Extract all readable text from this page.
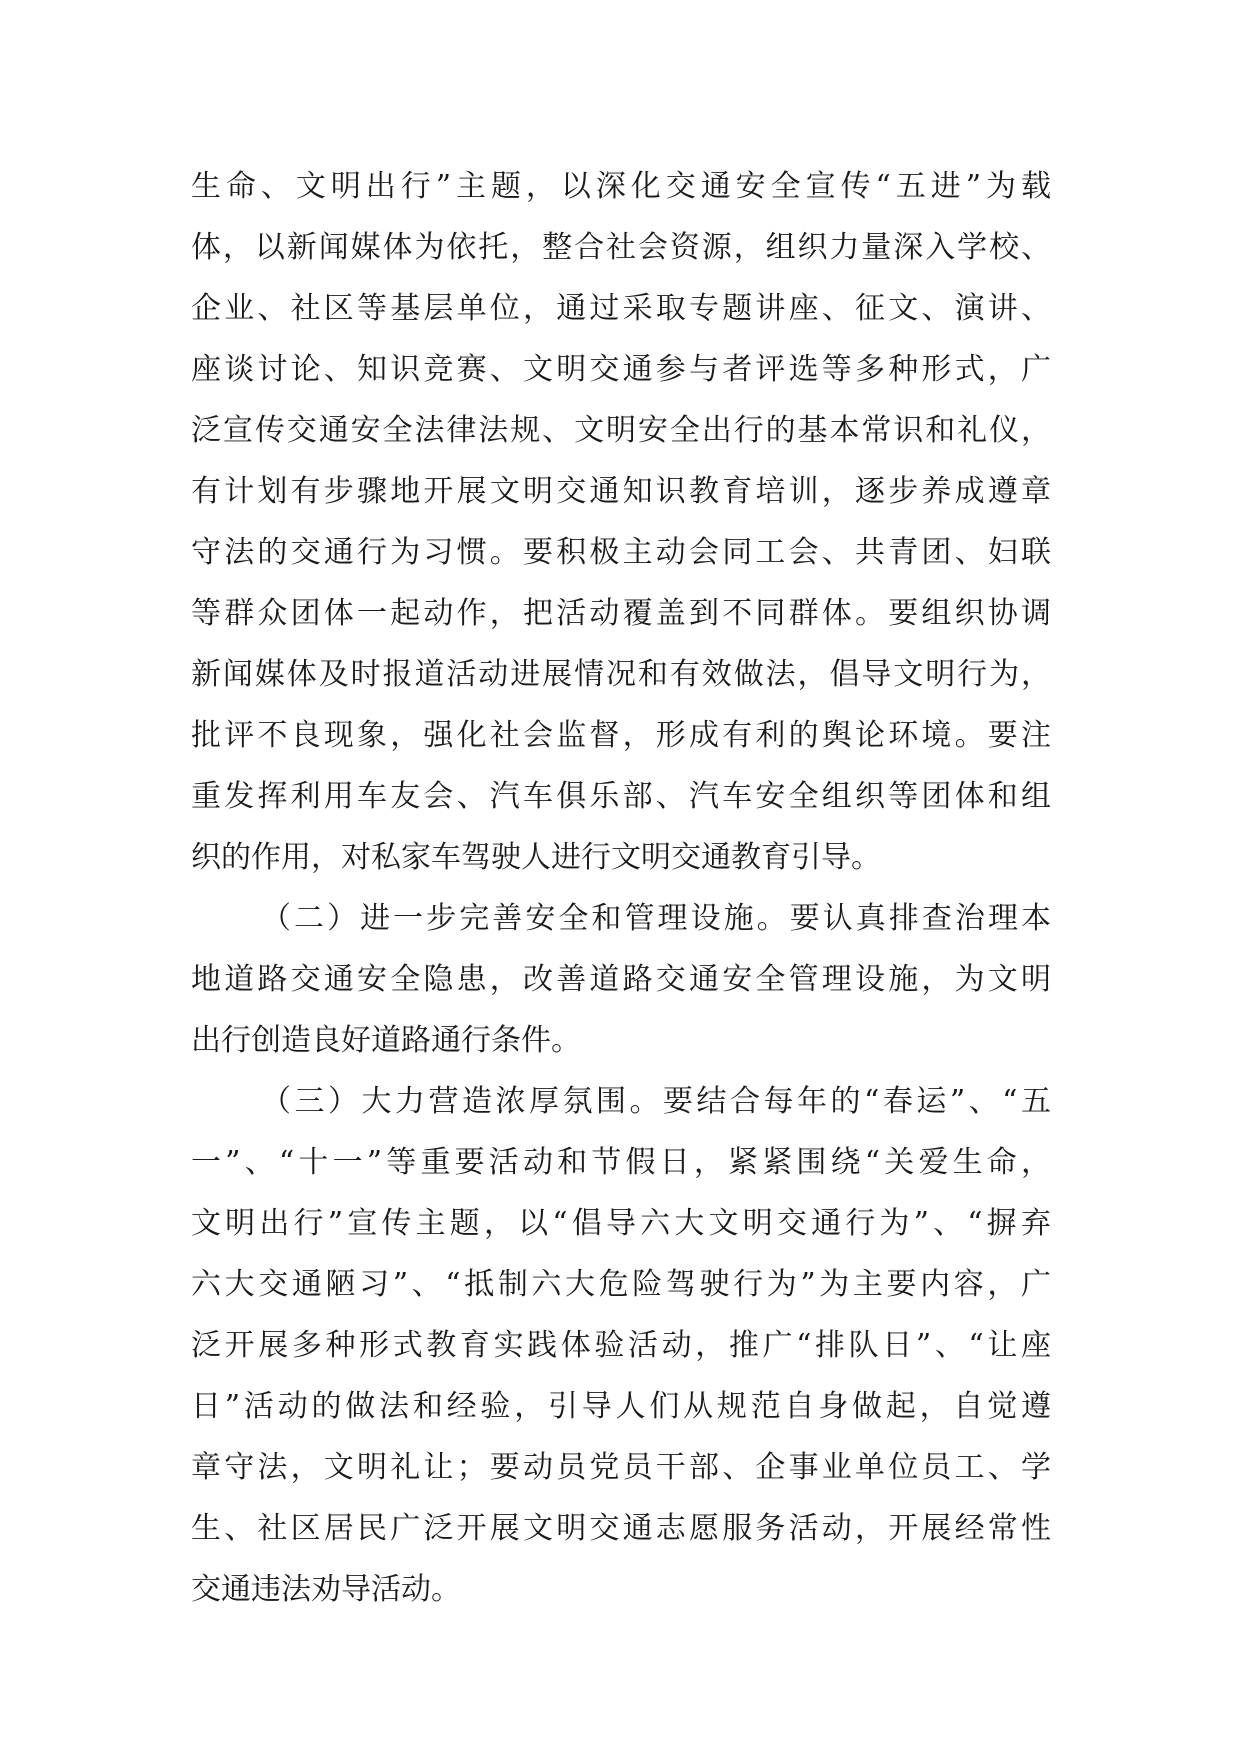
生命、文明出行”主题，以深化交通安全宣传“五进”为载
体，以新闻媒体为依托，整合社会资源，组织力量深入学校、
企业、社区等基层单位，通过采取专题讲座、征文、演讲、
座谈讨论、知识竞赛、文明交通参与者评选等多种形式，广
泛宣传交通安全法律法规、文明安全出行的基本常识和礼仪，
有计划有步骤地开展文明交通知识教育培训，逐步养成遵章
守法的交通行为习惯。要积极主动会同工会、共青团、妇联
等群众团体一起动作，把活动覆盖到不同群体。要组织协调
新闻媒体及时报道活动进展情况和有效做法，倡导文明行为，
批评不良现象，强化社会监督，形成有利的舆论环境。要注
重发挥利用车友会、汽车俱乐部、汽车安全组织等团体和组
织的作用，对私家车驾驶人进行文明交通教育引导。
（二）进一步完善安全和管理设施。要认真排查治理本
地道路交通安全隐患，改善道路交通安全管理设施，为文明
出行创造良好道路通行条件。
（三）大力营造浓厚氛围。要结合每年的“春运”、“五
一”、“十一”等重要活动和节假日，紧紧围绕“关爱生命，
文明出行”宣传主题，以“倡导六大文明交通行为”、“摒弃
六大交通陋习”、“抵制六大危险驾驶行为”为主要内容，广
泛开展多种形式教育实践体验活动，推广“排队日”、“让座
日”活动的做法和经验，引导人们从规范自身做起，自觉遵
章守法，文明礼让；要动员党员干部、企事业单位员工、学
生、社区居民广泛开展文明交通志愿服务活动，开展经常性
交通违法劝导活动。
